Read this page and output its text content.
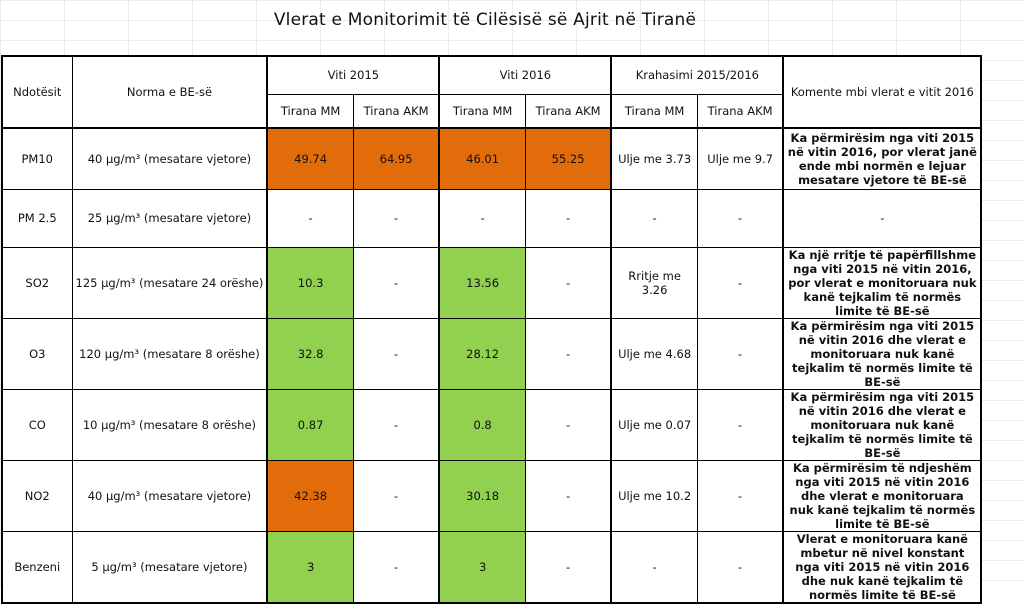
Vlerat e Monitorimit të Cilësisë së Ajrit në Tiranë
Ndotësit	Norma e BE-së	Viti 2015		Viti 2016		Krahasimi 2015/2016		Komente mbi vlerat e vitit 2016
		Tirana MM	Tirana AKM	Tirana MM	Tirana AKM	Tirana MM	Tirana AKM	
PM10	40 µg/m³ (mesatare vjetore)	49.74	64.95	46.01	55.25	Ulje me 3.73	Ulje me 9.7	Ka përmirësim nga viti 2015 në vitin 2016, por vlerat janë ende mbi normën e lejuar mesatare vjetore të BE-së
PM 2.5	25 µg/m³ (mesatare vjetore)	-	-	-	-	-	-	-
SO2	125 µg/m³ (mesatare 24 orëshe)	10.3	-	13.56	-	Rritje me 3.26	-	Ka një rritje të papërfillshme nga viti 2015 në vitin 2016, por vlerat e monitoruara nuk kanë tejkalim të normës limite të BE-së
O3	120 µg/m³ (mesatare 8 orëshe)	32.8	-	28.12	-	Ulje me 4.68	-	Ka përmirësim nga viti 2015 në vitin 2016 dhe vlerat e monitoruara nuk kanë tejkalim të normës limite të BE-së
CO	10 µg/m³ (mesatare 8 orëshe)	0.87	-	0.8	-	Ulje me 0.07	-	Ka përmirësim nga viti 2015 në vitin 2016 dhe vlerat e monitoruara nuk kanë tejkalim të normës limite të BE-së
NO2	40 µg/m³ (mesatare vjetore)	42.38	-	30.18	-	Ulje me 10.2	-	Ka përmirësim të ndjeshëm nga viti 2015 në vitin 2016 dhe vlerat e monitoruara nuk kanë tejkalim të normës limite të BE-së
Benzeni	5 µg/m³ (mesatare vjetore)	3	-	3	-	-	-	Vlerat e monitoruara kanë mbetur në nivel konstant nga viti 2015 në vitin 2016 dhe nuk kanë tejkalim të normës limite të BE-së
